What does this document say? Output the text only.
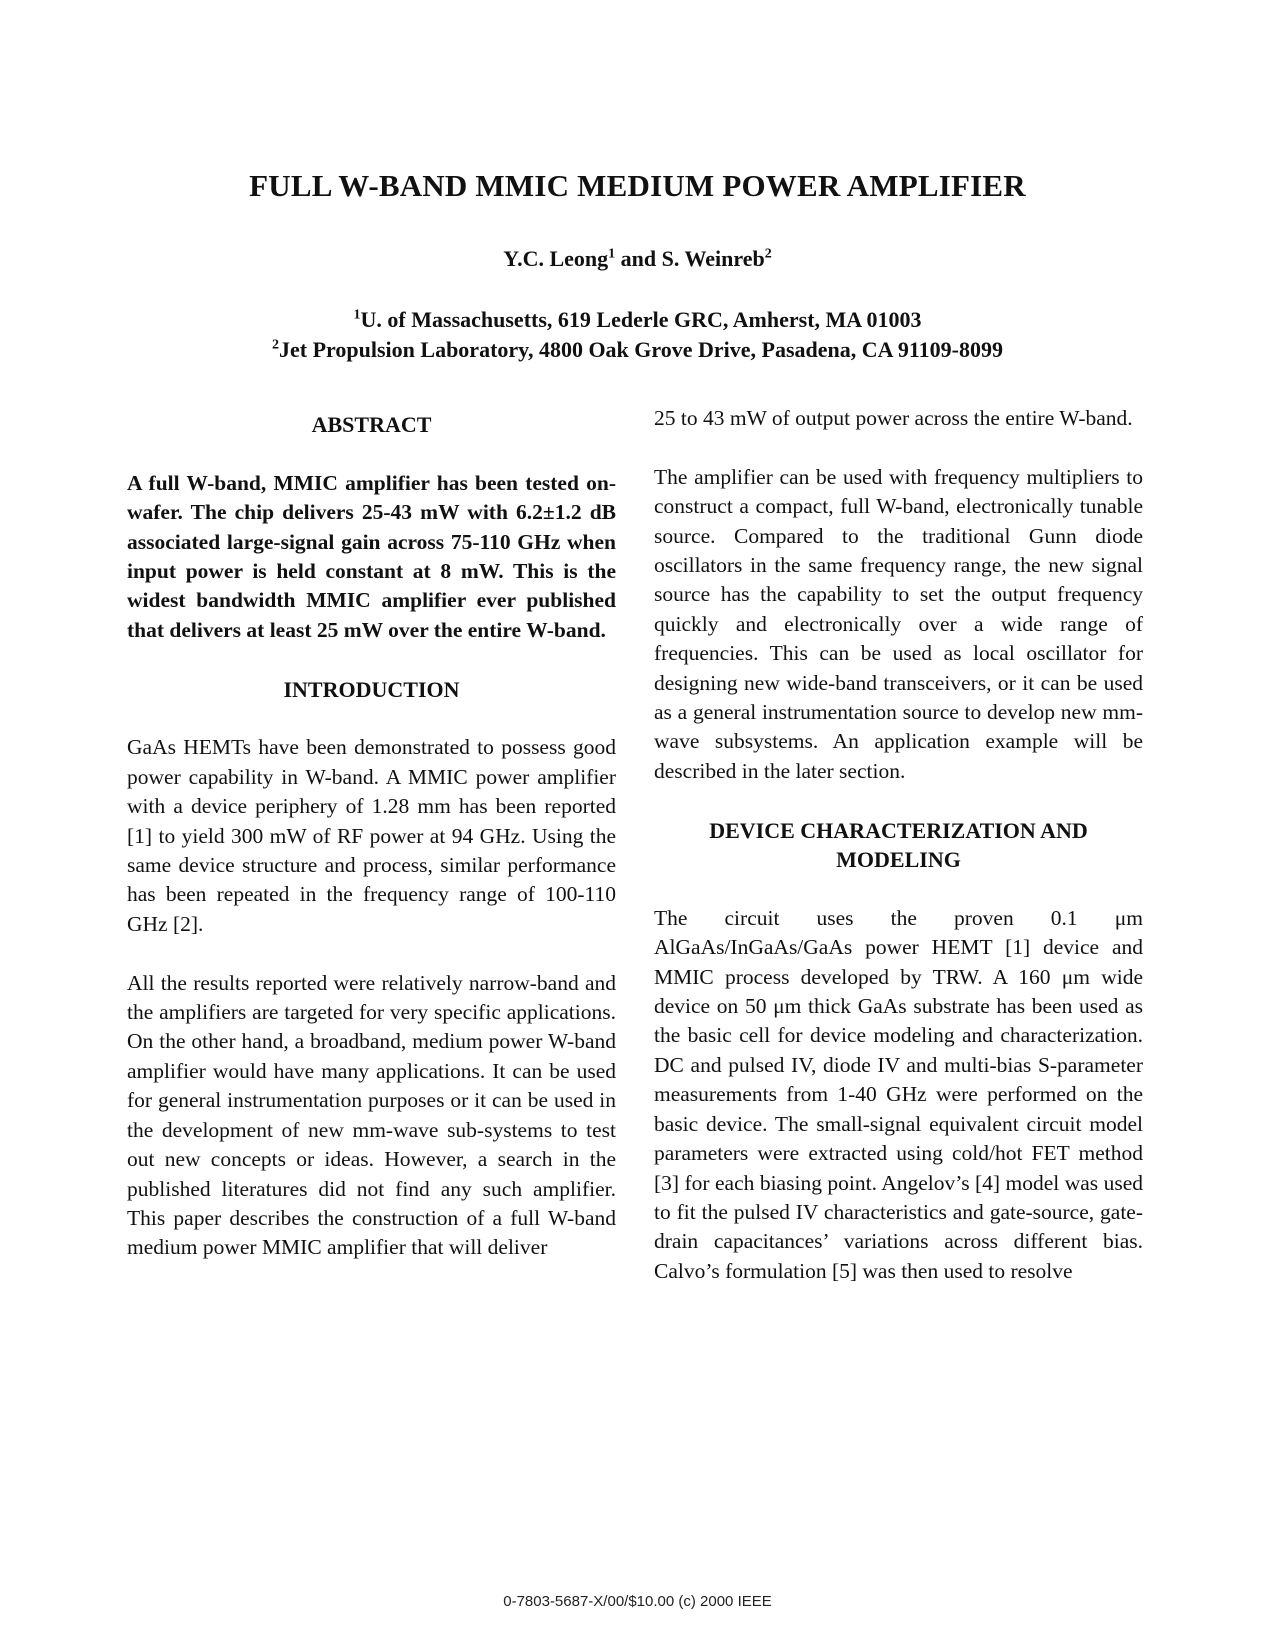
FULL W-BAND MMIC MEDIUM POWER AMPLIFIER
Y.C. Leong$^1$ and S. Weinreb$^2$
$^1$U. of Massachusetts, 619 Lederle GRC, Amherst, MA 01003
$^2$Jet Propulsion Laboratory, 4800 Oak Grove Drive, Pasadena, CA 91109-8099
ABSTRACT

A full W-band, MMIC amplifier has been tested on-wafer. The chip delivers 25-43 mW with 6.2±1.2 dB associated large-signal gain across 75-110 GHz when input power is held constant at 8 mW. This is the widest bandwidth MMIC amplifier ever published that delivers at least 25 mW over the entire W-band.

INTRODUCTION

GaAs HEMTs have been demonstrated to possess good power capability in W-band. A MMIC power amplifier with a device periphery of 1.28 mm has been reported [1] to yield 300 mW of RF power at 94 GHz. Using the same device structure and process, similar performance has been repeated in the frequency range of 100-110 GHz [2].

All the results reported were relatively narrow-band and the amplifiers are targeted for very specific applications. On the other hand, a broadband, medium power W-band amplifier would have many applications. It can be used for general instrumentation purposes or it can be used in the development of new mm-wave sub-systems to test out new concepts or ideas. However, a search in the published literatures did not find any such amplifier. This paper describes the construction of a full W-band medium power MMIC amplifier that will deliver

25 to 43 mW of output power across the entire W-band.

The amplifier can be used with frequency multipliers to construct a compact, full W-band, electronically tunable source. Compared to the traditional Gunn diode oscillators in the same frequency range, the new signal source has the capability to set the output frequency quickly and electronically over a wide range of frequencies. This can be used as local oscillator for designing new wide-band transceivers, or it can be used as a general instrumentation source to develop new mm-wave subsystems. An application example will be described in the later section.

DEVICE CHARACTERIZATION AND MODELING

The circuit uses the proven 0.1 μm AlGaAs/InGaAs/GaAs power HEMT [1] device and MMIC process developed by TRW. A 160 μm wide device on 50 μm thick GaAs substrate has been used as the basic cell for device modeling and characterization. DC and pulsed IV, diode IV and multi-bias S-parameter measurements from 1-40 GHz were performed on the basic device. The small-signal equivalent circuit model parameters were extracted using cold/hot FET method [3] for each biasing point. Angelov’s [4] model was used to fit the pulsed IV characteristics and gate-source, gate-drain capacitances’ variations across different bias. Calvo’s formulation [5] was then used to resolve

0-7803-5687-X/00/$10.00 (c) 2000 IEEE
